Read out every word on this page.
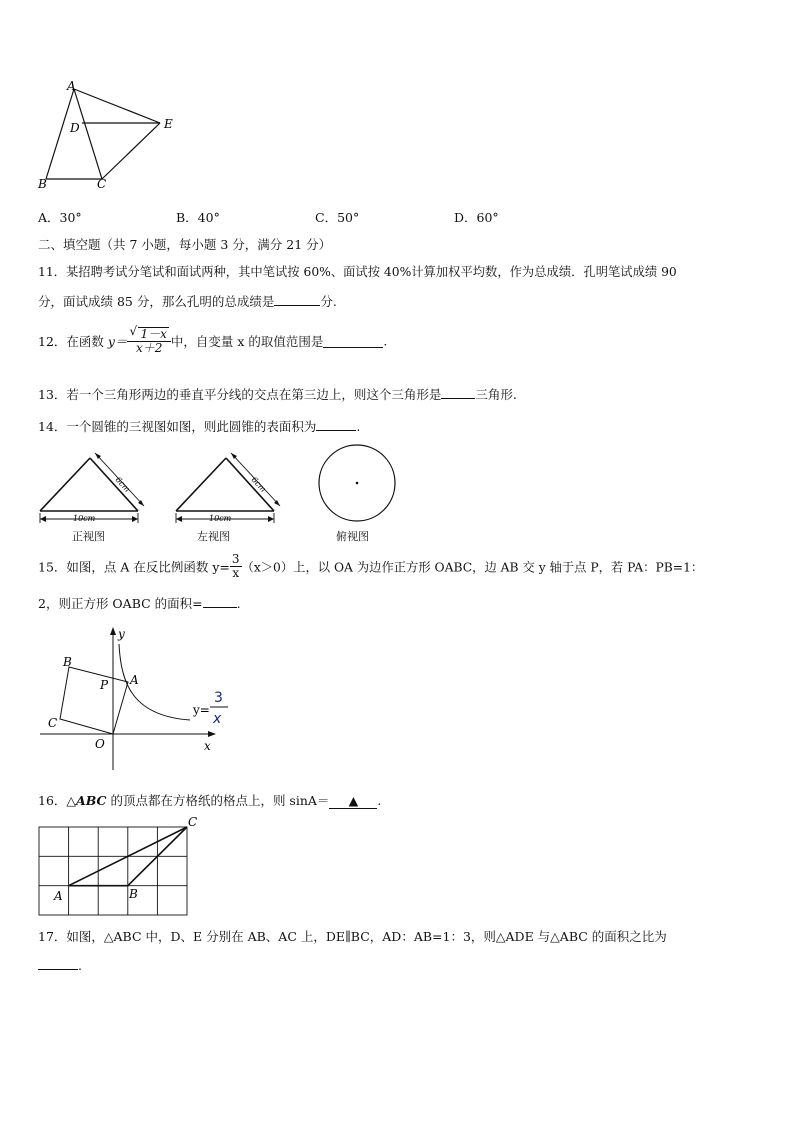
A
D	E
B	C
A．30°	B．40°	C．50°	D．60°
二、填空题（共 7 小题，每小题 3 分，满分 21 分）
11．某招聘考试分笔试和面试两种，其中笔试按 60%、面试按 40%计算加权平均数，作为总成绩．孔明笔试成绩 90
分，面试成绩 85 分，那么孔明的总成绩是	分.
12．在函数 $y= \frac{√ 1-x}{x+2}$ 中，自变量 x 的取值范围是	.
13．若一个三角形两边的垂直平分线的交点在第三边上，则这个三角形是	三角形.
14．一个圆锥的三视图如图，则此圆锥的表面积为	.
6cm
10cm
正视图
6cm
10cm
左视图	俯视图
15．如图，点 A 在反比例函数 $y= \frac{3}{x} (x>0)$上，以 OA 为边作正方形 OABC，边 AB 交 y 轴于点 P，若 PA：PB=1：
2，则正方形 OABC 的面积=	.
y
x
O
B
P A
C
y=
3
x
16．△ABC 的顶点都在方格纸的格点上，则 sinA＝ ▲ .
A	B
C
17．如图，△ABC 中，D、E 分别在 AB、AC 上，DE∥BC，AD：AB=1：3，则△ADE 与△ABC 的面积之比为
.
